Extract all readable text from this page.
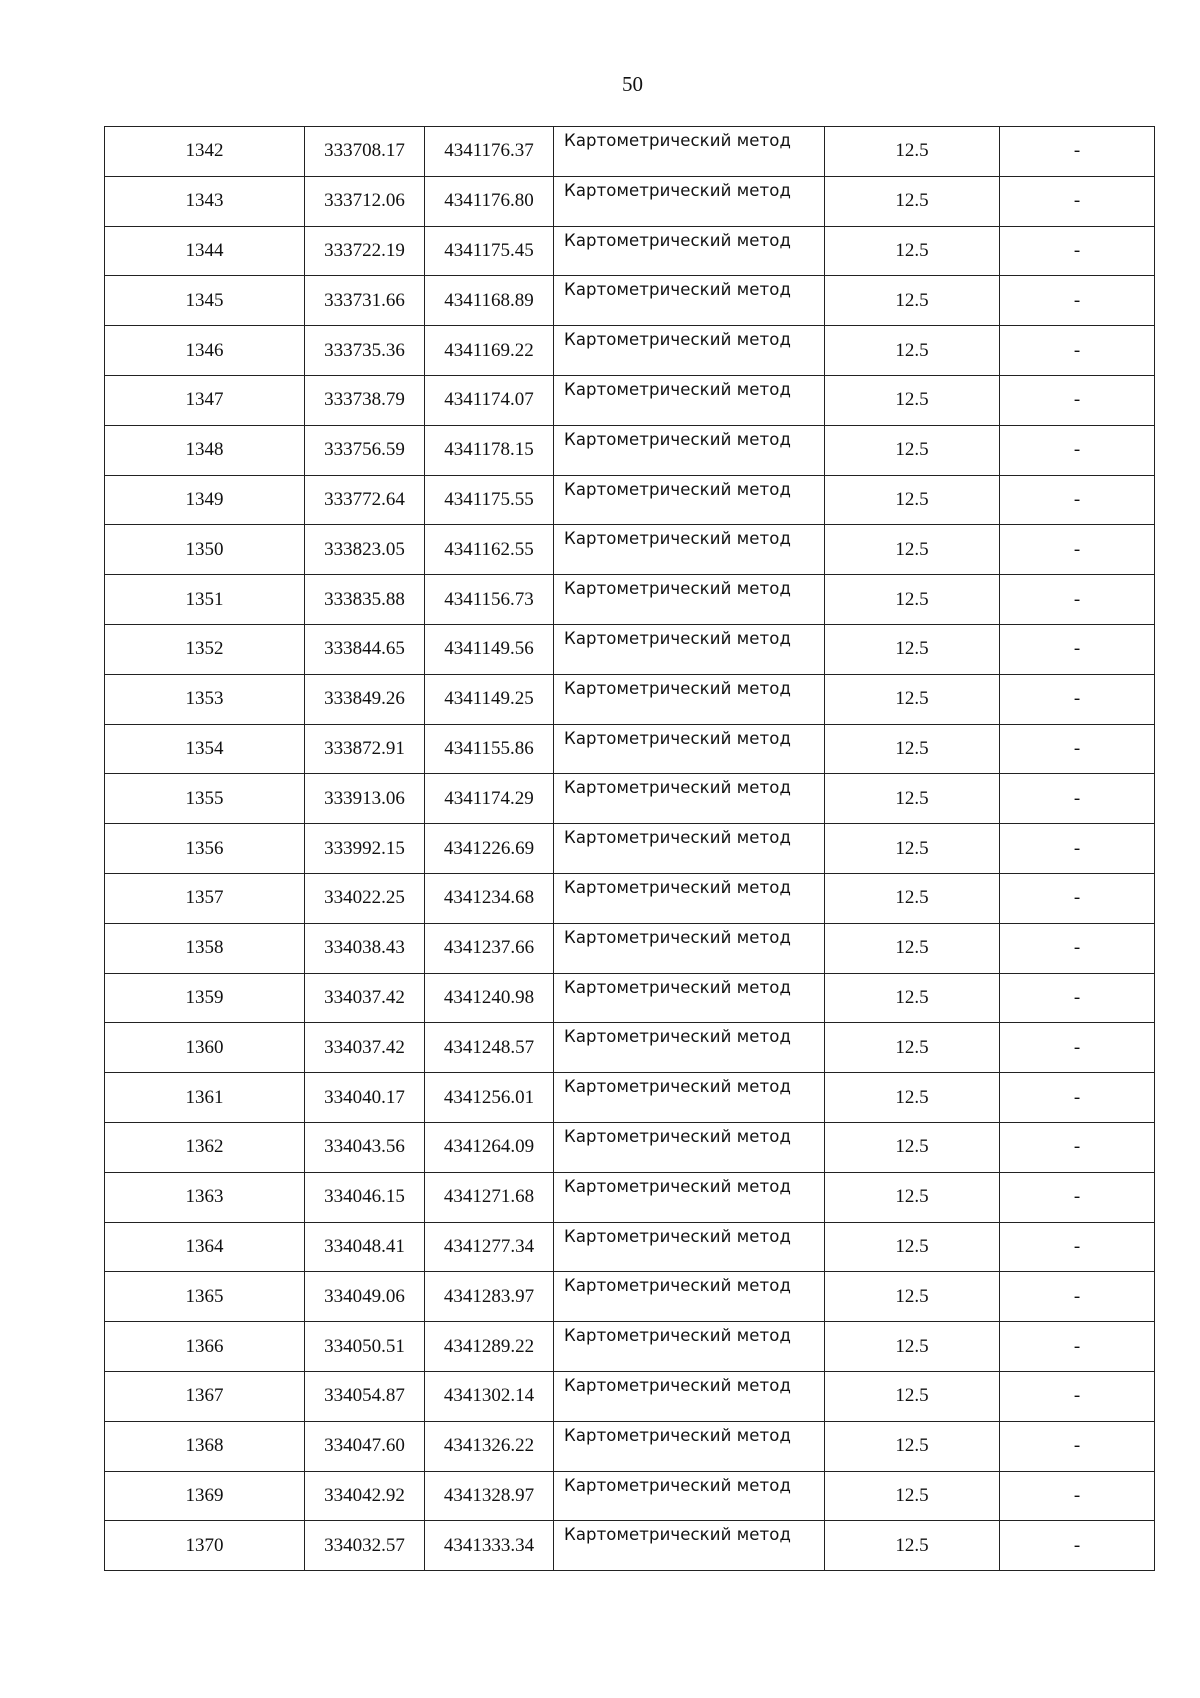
50
1342	333708.17	4341176.37	Картометрический метод	12.5	-
1343	333712.06	4341176.80	Картометрический метод	12.5	-
1344	333722.19	4341175.45	Картометрический метод	12.5	-
1345	333731.66	4341168.89	Картометрический метод	12.5	-
1346	333735.36	4341169.22	Картометрический метод	12.5	-
1347	333738.79	4341174.07	Картометрический метод	12.5	-
1348	333756.59	4341178.15	Картометрический метод	12.5	-
1349	333772.64	4341175.55	Картометрический метод	12.5	-
1350	333823.05	4341162.55	Картометрический метод	12.5	-
1351	333835.88	4341156.73	Картометрический метод	12.5	-
1352	333844.65	4341149.56	Картометрический метод	12.5	-
1353	333849.26	4341149.25	Картометрический метод	12.5	-
1354	333872.91	4341155.86	Картометрический метод	12.5	-
1355	333913.06	4341174.29	Картометрический метод	12.5	-
1356	333992.15	4341226.69	Картометрический метод	12.5	-
1357	334022.25	4341234.68	Картометрический метод	12.5	-
1358	334038.43	4341237.66	Картометрический метод	12.5	-
1359	334037.42	4341240.98	Картометрический метод	12.5	-
1360	334037.42	4341248.57	Картометрический метод	12.5	-
1361	334040.17	4341256.01	Картометрический метод	12.5	-
1362	334043.56	4341264.09	Картометрический метод	12.5	-
1363	334046.15	4341271.68	Картометрический метод	12.5	-
1364	334048.41	4341277.34	Картометрический метод	12.5	-
1365	334049.06	4341283.97	Картометрический метод	12.5	-
1366	334050.51	4341289.22	Картометрический метод	12.5	-
1367	334054.87	4341302.14	Картометрический метод	12.5	-
1368	334047.60	4341326.22	Картометрический метод	12.5	-
1369	334042.92	4341328.97	Картометрический метод	12.5	-
1370	334032.57	4341333.34	Картометрический метод	12.5	-
